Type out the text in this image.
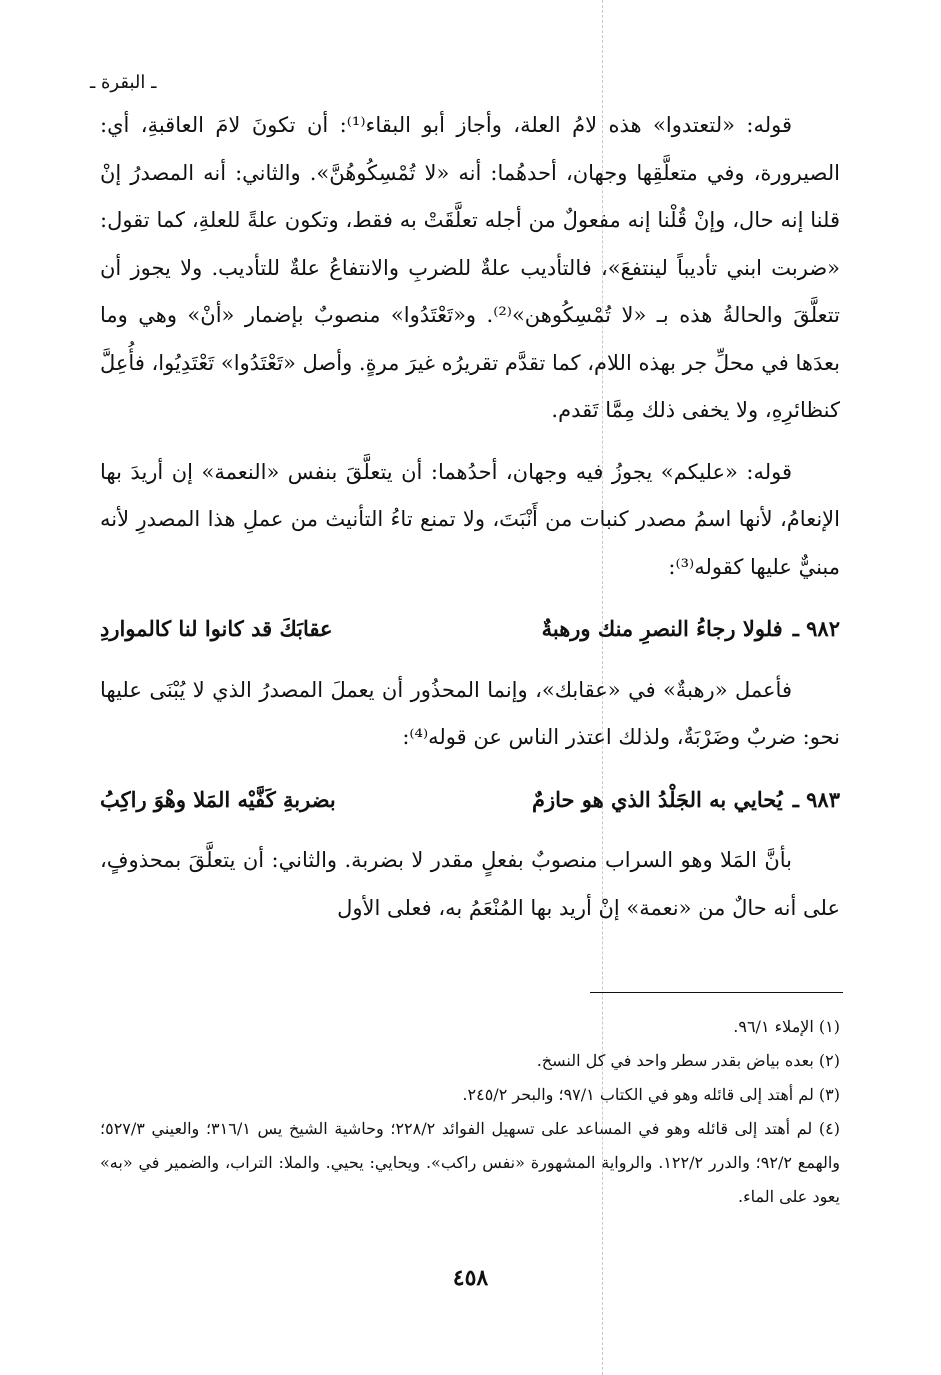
ـ البقرة ـ

قوله: «لتعتدوا» هذه لامُ العلة، وأجاز أبو البقاء⁽¹⁾: أن تكونَ لامَ العاقبةِ، أي: الصيرورة، وفي متعلَّقِها وجهان، أحدهُما: أنه «لا تُمْسِكُوهُنَّ». والثاني: أنه المصدرُ إنْ قلنا إنه حال، وإنْ قُلْنا إنه مفعولٌ من أجله تعلَّقَتْ به فقط، وتكون علةً للعلةِ، كما تقول: «ضربت ابني تأديباً لينتفعَ»، فالتأديب علةٌ للضربِ والانتفاعُ علةٌ للتأديب. ولا يجوز أن تتعلَّقَ والحالةُ هذه بـ «لا تُمْسِكُوهن»⁽²⁾. و«تَعْتَدُوا» منصوبٌ بإضمار «أنْ» وهي وما بعدَها في محلِّ جر بهذه اللام، كما تقدَّم تقريرُه غيرَ مرةٍ. وأصل «تَعْتَدُوا» تَعْتَدِيُوا، فأُعِلَّ كنظائرِهِ، ولا يخفى ذلك مِمَّا تَقدم.

قوله: «عليكم» يجوزُ فيه وجهان، أحدُهما: أن يتعلَّقَ بنفس «النعمة» إن أريدَ بها الإنعامُ، لأنها اسمُ مصدر كنبات من أَنْبَتَ، ولا تمنع تاءُ التأنيث من عملِ هذا المصدرِ لأنه مبنيٌّ عليها كقوله⁽³⁾:

٩٨٢ ـ
فلولا رجاءُ النصرِ منك ورهبةٌ
عقابَكَ قد كانوا لنا كالمواردِ

فأعمل «رهبةٌ» في «عقابك»، وإنما المحذُور أن يعملَ المصدرُ الذي لا يُبْنَى عليها نحو: ضربٌ وضَرْبَةٌ، ولذلك اعتذر الناس عن قوله⁽⁴⁾:

٩٨٣ ـ
يُحايي به الجَلْدُ الذي هو حازمٌ
بضربةِ كَفَّيْه المَلا وهْوَ راكِبُ

بأنَّ المَلا وهو السراب منصوبٌ بفعلٍ مقدر لا بضربة. والثاني: أن يتعلَّقَ بمحذوفٍ، على أنه حالٌ من «نعمة» إنْ أريد بها المُنْعَمُ به، فعلى الأول

(١) الإملاء ٩٦/١.

(٢) بعده بياض بقدر سطر واحد في كل النسخ.

(٣) لم أهتد إلى قائله وهو في الكتاب ٩٧/١؛ والبحر ٢٤٥/٢.

(٤) لم أهتد إلى قائله وهو في المساعد على تسهيل الفوائد ٢٢٨/٢؛ وحاشية الشيخ يس ٣١٦/١؛ والعيني ٥٢٧/٣؛ والهمع ٩٢/٢؛ والدرر ١٢٢/٢. والرواية المشهورة «نفس راكب». ويحايي: يحيي. والملا: التراب، والضمير في «به» يعود على الماء.

٤٥٨
